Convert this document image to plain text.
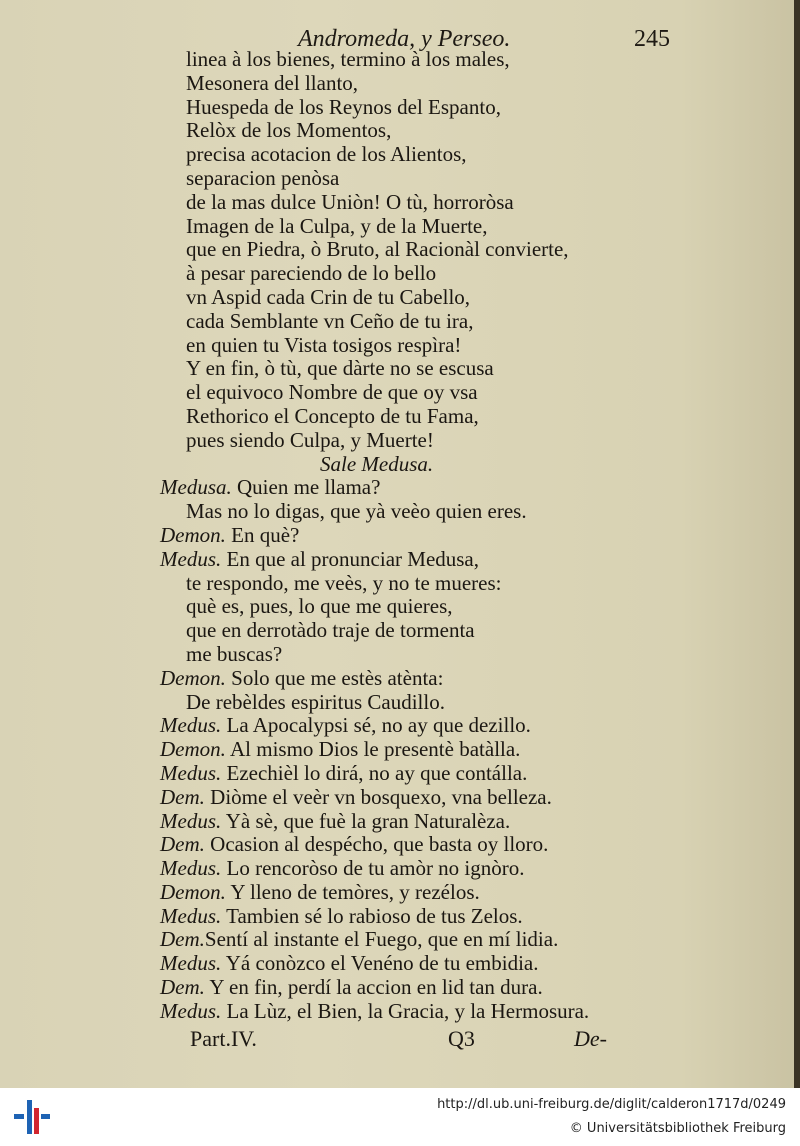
Andromeda, y Perseo.	245
linea à los bienes, termino à los males,
Mesonera del llanto,
Huespeda de los Reynos del Espanto,
Relòx de los Momentos,
precisa acotacion de los Alientos,
separacion penòsa
de la mas dulce Uniòn! O tù, horroròsa
Imagen de la Culpa, y de la Muerte,
que en Piedra, ò Bruto, al Racionàl convierte,
à pesar pareciendo de lo bello
vn Aspid cada Crin de tu Cabello,
cada Semblante vn Ceño de tu ira,
en quien tu Vista tosigos respìra!
Y en fin, ò tù, que dàrte no se escusa
el equivoco Nombre de que oy vsa
Rethorico el Concepto de tu Fama,
pues siendo Culpa, y Muerte!
Sale Medusa.
Medusa. Quien me llama?
Mas no lo digas, que yà veèo quien eres.
Demon. En què?
Medus. En que al pronunciar Medusa,
te respondo, me veès, y no te mueres:
què es, pues, lo que me quieres,
que en derrotàdo traje de tormenta
me buscas?
Demon. Solo que me estès atènta:
De rebèldes espiritus Caudillo.
Medus. La Apocalypsi sé, no ay que dezillo.
Demon. Al mismo Dios le presentè batàlla.
Medus. Ezechièl lo dirá, no ay que contálla.
Dem. Diòme el veèr vn bosquexo, vna belleza.
Medus. Yà sè, que fuè la gran Naturalèza.
Dem. Ocasion al despécho, que basta oy lloro.
Medus. Lo rencoròso de tu amòr no ignòro.
Demon. Y lleno de temòres, y rezélos.
Medus. Tambien sé lo rabioso de tus Zelos.
Dem.Sentí al instante el Fuego, que en mí lidia.
Medus. Yá conòzco el Venéno de tu embidia.
Dem. Y en fin, perdí la accion en lid tan dura.
Medus. La Lùz, el Bien, la Gracia, y la Hermosura.
Part.IV.	Q3	De-
http://dl.ub.uni-freiburg.de/diglit/calderon1717d/0249
© Universitätsbibliothek Freiburg
